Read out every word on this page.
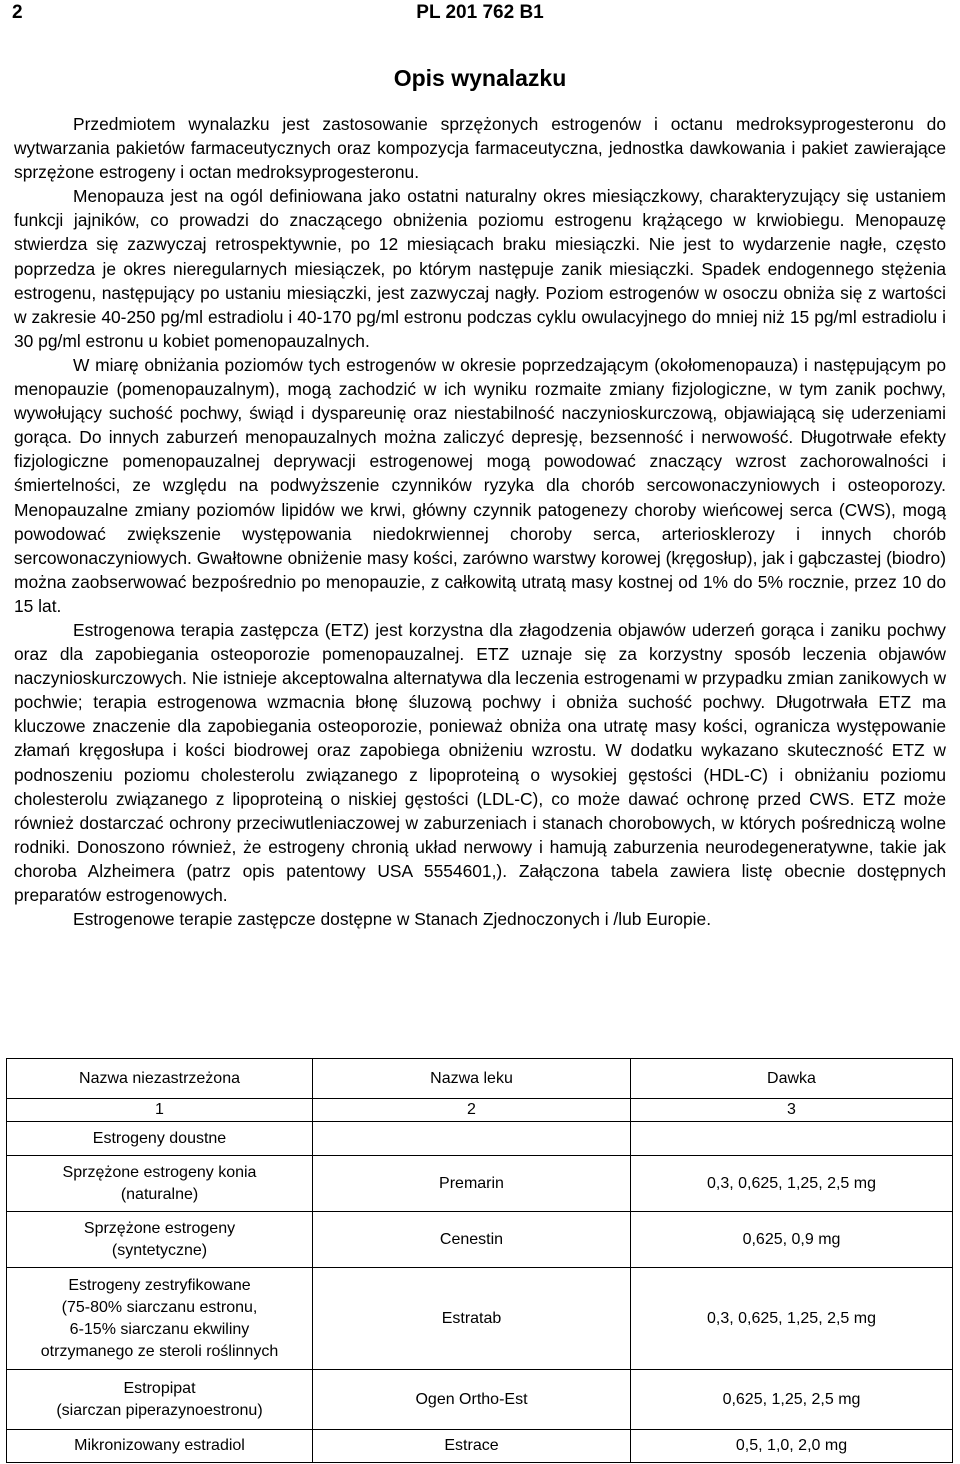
2	PL 201 762 B1
Opis wynalazku

Przedmiotem wynalazku jest zastosowanie sprzężonych estrogenów i octanu medroksyprogesteronu do wytwarzania pakietów farmaceutycznych oraz kompozycja farmaceutyczna, jednostka dawkowania i pakiet zawierające sprzężone estrogeny i octan medroksyprogesteronu.

Menopauza jest na ogól definiowana jako ostatni naturalny okres miesiączkowy, charakteryzujący się ustaniem funkcji jajników, co prowadzi do znaczącego obniżenia poziomu estrogenu krążącego w krwiobiegu. Menopauzę stwierdza się zazwyczaj retrospektywnie, po 12 miesiącach braku miesiączki. Nie jest to wydarzenie nagłe, często poprzedza je okres nieregularnych miesiączek, po którym następuje zanik miesiączki. Spadek endogennego stężenia estrogenu, następujący po ustaniu miesiączki, jest zazwyczaj nagły. Poziom estrogenów w osoczu obniża się z wartości w zakresie 40-250 pg/ml estradiolu i 40-170 pg/ml estronu podczas cyklu owulacyjnego do mniej niż 15 pg/ml estradiolu i 30 pg/ml estronu u kobiet pomenopauzalnych.

W miarę obniżania poziomów tych estrogenów w okresie poprzedzającym (okołomenopauza) i następującym po menopauzie (pomenopauzalnym), mogą zachodzić w ich wyniku rozmaite zmiany fizjologiczne, w tym zanik pochwy, wywołujący suchość pochwy, świąd i dyspareunię oraz niestabilność naczynioskurczową, objawiającą się uderzeniami gorąca. Do innych zaburzeń menopauzalnych można zaliczyć depresję, bezsenność i nerwowość. Długotrwałe efekty fizjologiczne pomenopauzalnej deprywacji estrogenowej mogą powodować znaczący wzrost zachorowalności i śmiertelności, ze względu na podwyższenie czynników ryzyka dla chorób sercowonaczyniowych i osteoporozy. Menopauzalne zmiany poziomów lipidów we krwi, główny czynnik patogenezy choroby wieńcowej serca (CWS), mogą powodować zwiększenie występowania niedokrwiennej choroby serca, arteriosklerozy i innych chorób sercowonaczyniowych. Gwałtowne obniżenie masy kości, zarówno warstwy korowej (kręgosłup), jak i gąbczastej (biodro) można zaobserwować bezpośrednio po menopauzie, z całkowitą utratą masy kostnej od 1% do 5% rocznie, przez 10 do 15 lat.

Estrogenowa terapia zastępcza (ETZ) jest korzystna dla złagodzenia objawów uderzeń gorąca i zaniku pochwy oraz dla zapobiegania osteoporozie pomenopauzalnej. ETZ uznaje się za korzystny sposób leczenia objawów naczynioskurczowych. Nie istnieje akceptowalna alternatywa dla leczenia estrogenami w przypadku zmian zanikowych w pochwie; terapia estrogenowa wzmacnia błonę śluzową pochwy i obniża suchość pochwy. Długotrwała ETZ ma kluczowe znaczenie dla zapobiegania osteoporozie, ponieważ obniża ona utratę masy kości, ogranicza występowanie złamań kręgosłupa i kości biodrowej oraz zapobiega obniżeniu wzrostu. W dodatku wykazano skuteczność ETZ w podnoszeniu poziomu cholesterolu związanego z lipoproteiną o wysokiej gęstości (HDL-C) i obniżaniu poziomu cholesterolu związanego z lipoproteiną o niskiej gęstości (LDL-C), co może dawać ochronę przed CWS. ETZ może również dostarczać ochrony przeciwutleniaczowej w zaburzeniach i stanach chorobowych, w których pośredniczą wolne rodniki. Donoszono również, że estrogeny chronią układ nerwowy i hamują zaburzenia neurodegeneratywne, takie jak choroba Alzheimera (patrz opis patentowy USA 5554601,). Załączona tabela zawiera listę obecnie dostępnych preparatów estrogenowych.

Estrogenowe terapie zastępcze dostępne w Stanach Zjednoczonych i /lub Europie.

Nazwa niezastrzeżona	Nazwa leku	Dawka
1	2	3
Estrogeny doustne		
Sprzężone estrogeny konia
(naturalne)	Premarin	0,3, 0,625, 1,25, 2,5 mg
Sprzężone estrogeny
(syntetyczne)	Cenestin	0,625, 0,9 mg
Estrogeny zestryfikowane
(75-80% siarczanu estronu,
6-15% siarczanu ekwiliny
otrzymanego ze steroli roślinnych	Estratab	0,3, 0,625, 1,25, 2,5 mg
Estropipat
(siarczan piperazynoestronu)	Ogen Ortho-Est	0,625, 1,25, 2,5 mg
Mikronizowany estradiol	Estrace	0,5, 1,0, 2,0 mg
